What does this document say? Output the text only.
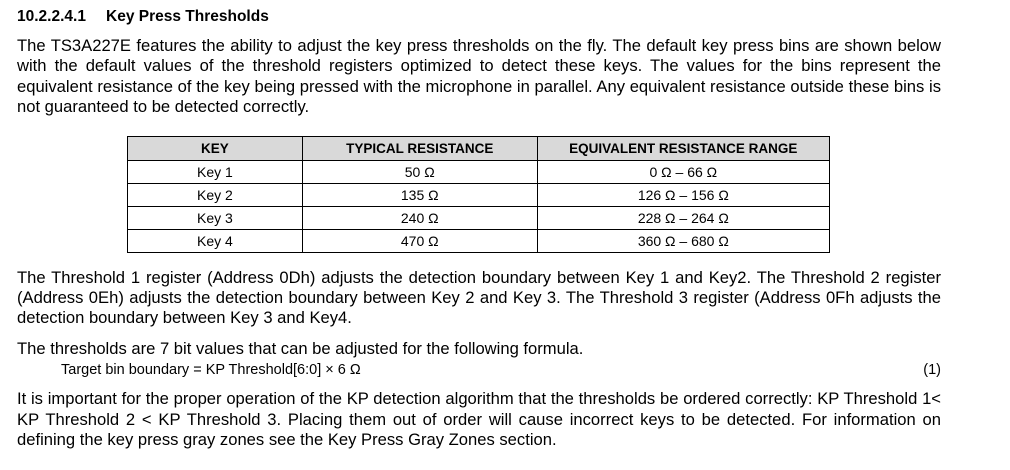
10.2.2.4.1 Key Press Thresholds

The TS3A227E features the ability to adjust the key press thresholds on the fly. The default key press bins are shown below with the default values of the threshold registers optimized to detect these keys. The values for the bins represent the equivalent resistance of the key being pressed with the microphone in parallel. Any equivalent resistance outside these bins is not guaranteed to be detected correctly.

KEY	TYPICAL RESISTANCE	EQUIVALENT RESISTANCE RANGE
Key 1	50 Ω	0 Ω – 66 Ω
Key 2	135 Ω	126 Ω – 156 Ω
Key 3	240 Ω	228 Ω – 264 Ω
Key 4	470 Ω	360 Ω – 680 Ω

The Threshold 1 register (Address 0Dh) adjusts the detection boundary between Key 1 and Key2. The Threshold 2 register (Address 0Eh) adjusts the detection boundary between Key 2 and Key 3. The Threshold 3 register (Address 0Fh adjusts the detection boundary between Key 3 and Key4.

The thresholds are 7 bit values that can be adjusted for the following formula.

Target bin boundary = KP Threshold[6:0] × 6 Ω	(1)

It is important for the proper operation of the KP detection algorithm that the thresholds be ordered correctly: KP Threshold 1< KP Threshold 2 < KP Threshold 3. Placing them out of order will cause incorrect keys to be detected. For information on defining the key press gray zones see the Key Press Gray Zones section.
